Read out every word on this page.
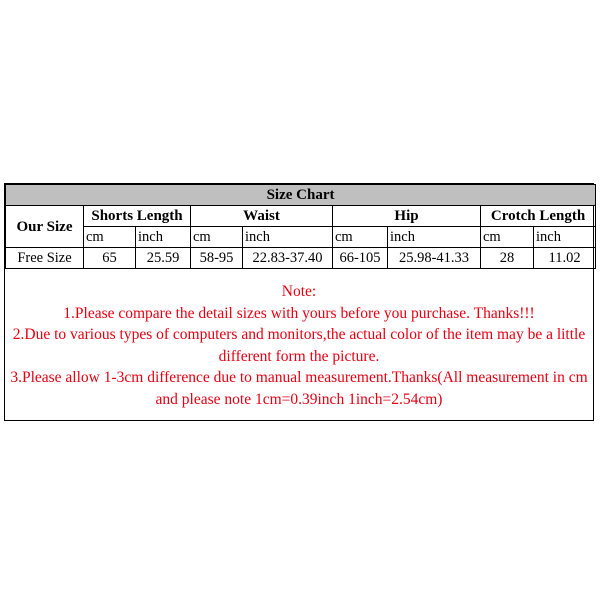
Size Chart								
Our Size	Shorts Length		Waist		Hip		Crotch Length	
	cm	inch	cm	inch	cm	inch	cm	inch
Free Size	65	25.59	58-95	22.83-37.40	66-105	25.98-41.33	28	11.02
Note:
1.Please compare the detail sizes with yours before you purchase. Thanks!!!
2.Due to various types of computers and monitors,the actual color of the item may be a little different form the picture.
3.Please allow 1-3cm difference due to manual measurement.Thanks(All measurement in cm and please note 1cm=0.39inch 1inch=2.54cm)
